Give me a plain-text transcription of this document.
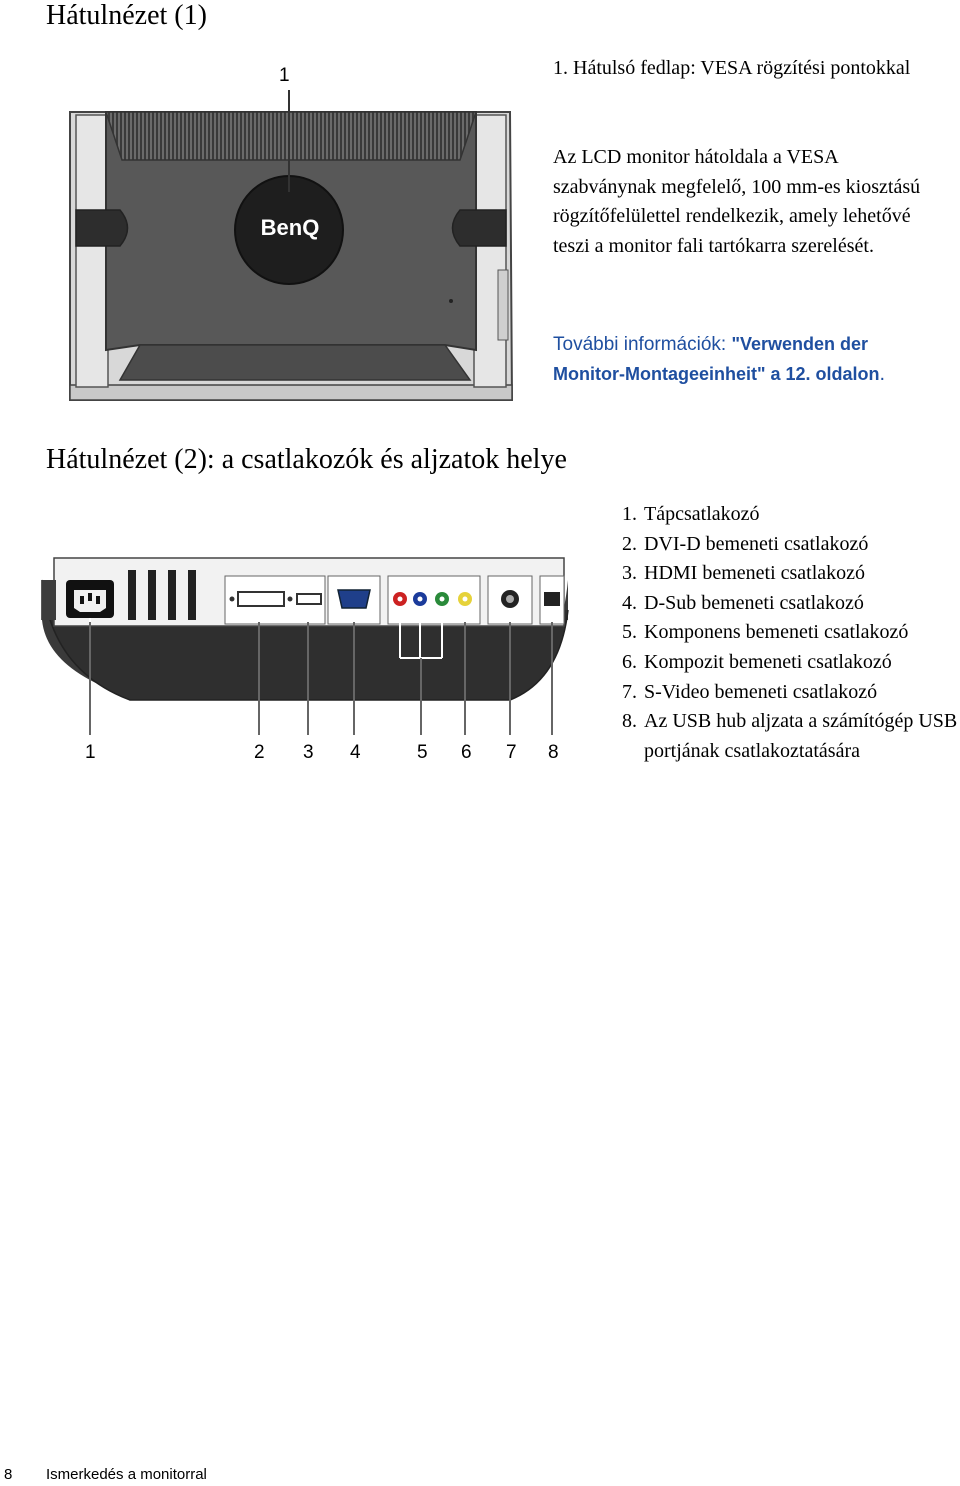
Hátulnézet (1)
BenQ
1	1. Hátulsó fedlap: VESA rögzítési pontokkal
Az LCD monitor hátoldala a VESA szabványnak megfelelő, 100 mm-es kiosztású rögzítőfelülettel rendelkezik, amely lehetővé teszi a monitor fali tartókarra szerelését.
További információk: "Verwenden der Monitor-Montageeinheit" a 12. oldalon.
Hátulnézet (2): a csatlakozók és aljzatok helye
1	2 3 4	5 6 7 8
1. Tápcsatlakozó
2. DVI-D bemeneti csatlakozó
3. HDMI bemeneti csatlakozó
4. D-Sub bemeneti csatlakozó
5. Komponens bemeneti csatlakozó
6. Kompozit bemeneti csatlakozó
7. S-Video bemeneti csatlakozó
8. Az USB hub aljzata a számítógép USB portjának csatlakoztatására
8 Ismerkedés a monitorral
